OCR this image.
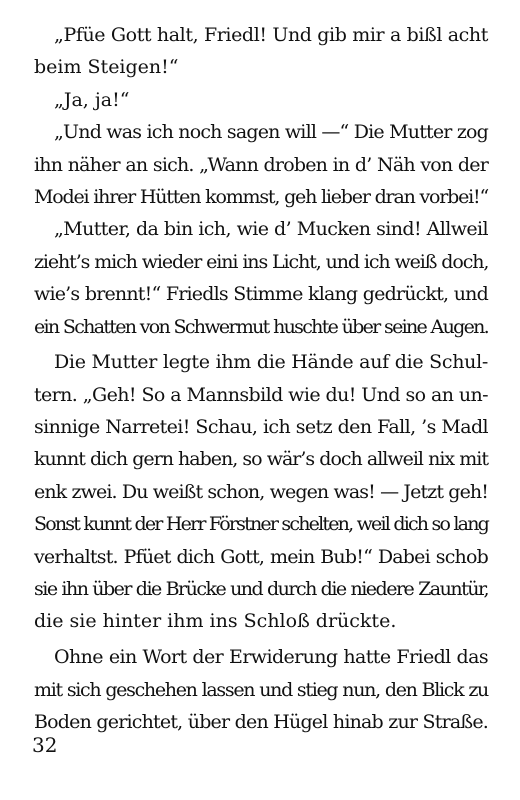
„Pfüe Gott halt, Friedl! Und gib mir a bißl acht
beim Steigen!“
„Ja, ja!“
„Und was ich noch sagen will —“ Die Mutter zog
ihn näher an sich. „Wann droben in d’ Näh von der
Modei ihrer Hütten kommst, geh lieber dran vorbei!“
„Mutter, da bin ich, wie d’ Mucken sind! Allweil
zieht’s mich wieder eini ins Licht, und ich weiß doch,
wie’s brennt!“ Friedls Stimme klang gedrückt, und
ein Schatten von Schwermut huschte über seine Augen.
Die Mutter legte ihm die Hände auf die Schul-
tern. „Geh! So a Mannsbild wie du! Und so an un-
sinnige Narretei! Schau, ich setz den Fall, ’s Madl
kunnt dich gern haben, so wär’s doch allweil nix mit
enk zwei. Du weißt schon, wegen was! — Jetzt geh!
Sonst kunnt der Herr Förstner schelten, weil dich so lang
verhaltst. Pfüet dich Gott, mein Bub!“ Dabei schob
sie ihn über die Brücke und durch die niedere Zauntür,
die sie hinter ihm ins Schloß drückte.
Ohne ein Wort der Erwiderung hatte Friedl das
mit sich geschehen lassen und stieg nun, den Blick zu
Boden gerichtet, über den Hügel hinab zur Straße.
32
